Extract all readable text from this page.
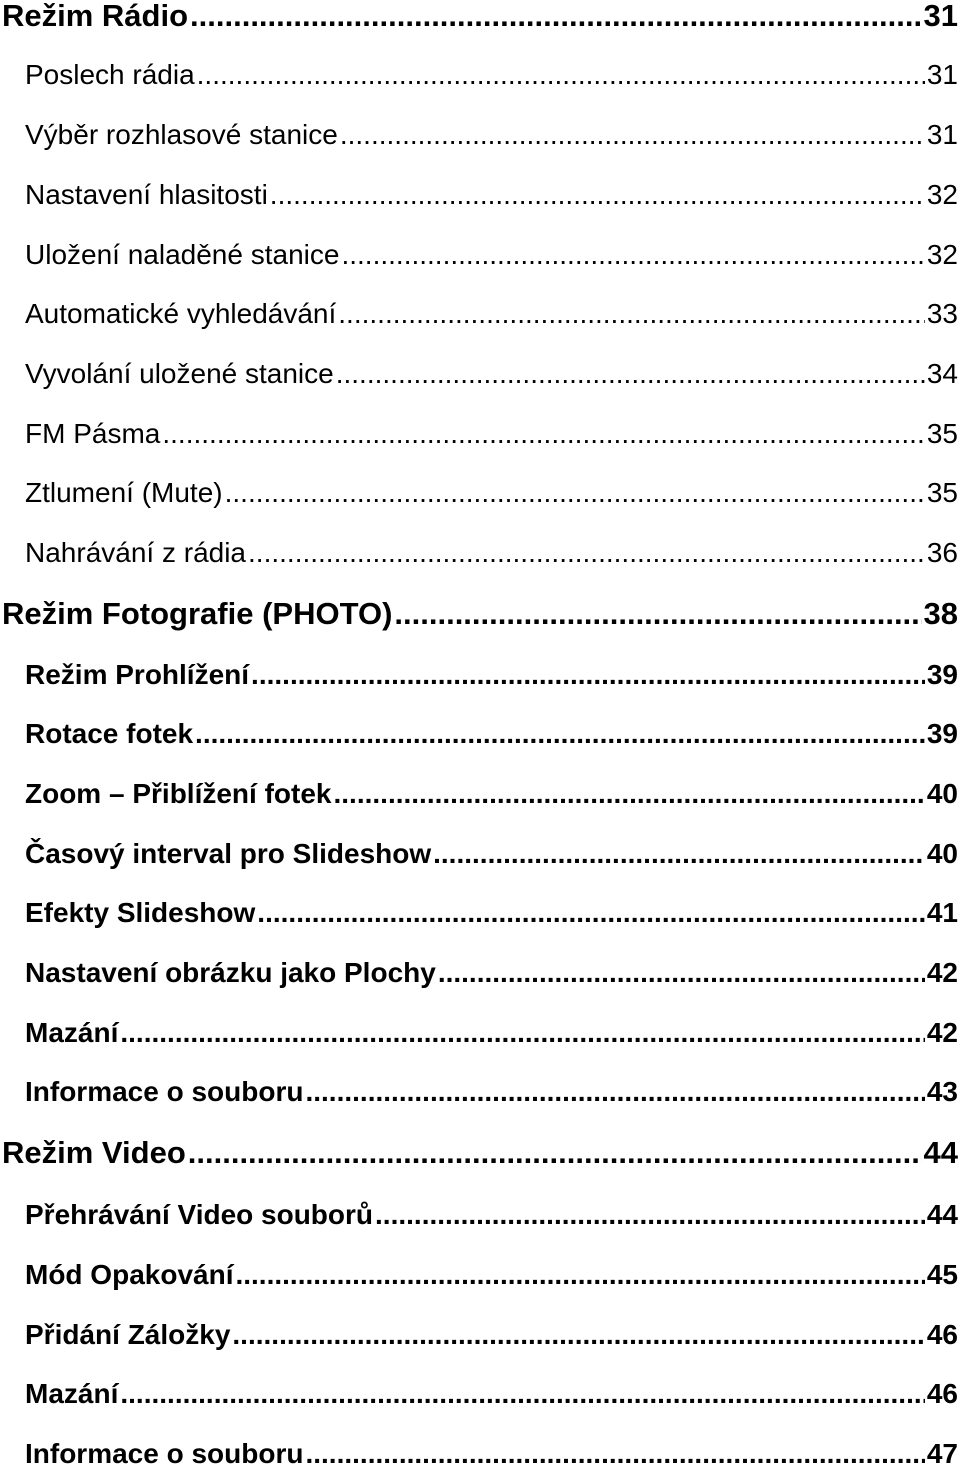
Režim Rádio .....	31
Poslech rádia .....	31
Výběr rozhlasové stanice .....	31
Nastavení hlasitosti .....	32
Uložení naladěné stanice .....	32
Automatické vyhledávání .....	33
Vyvolání uložené stanice .....	34
FM Pásma .....	35
Ztlumení (Mute) .....	35
Nahrávání z rádia .....	36
Režim Fotografie (PHOTO) .....	38
Režim Prohlížení .....	39
Rotace fotek .....	39
Zoom – Přiblížení fotek .....	40
Časový interval pro Slideshow .....	40
Efekty Slideshow .....	41
Nastavení obrázku jako Plochy .....	42
Mazání .....	42
Informace o souboru .....	43
Režim Video .....	44
Přehrávání Video souborů .....	44
Mód Opakování .....	45
Přidání Záložky .....	46
Mazání .....	46
Informace o souboru .....	47
